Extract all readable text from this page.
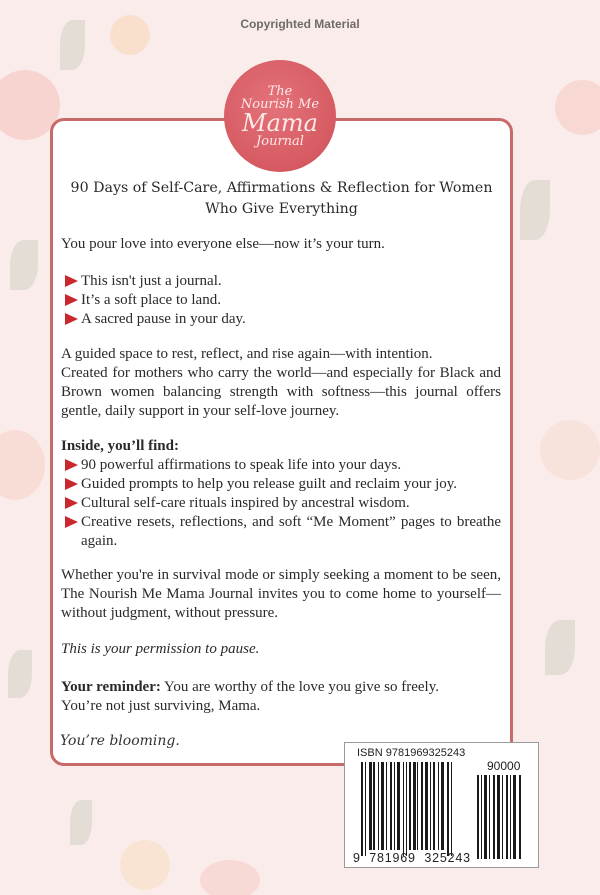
Copyrighted Material
The
Nourish Me
Mama
Journal
90 Days of Self-Care, Affirmations & Reflection for Women
Who Give Everything
You pour love into everyone else—now it’s your turn.
This isn't just a journal.
It’s a soft place to land.
A sacred pause in your day.
A guided space to rest, reflect, and rise again—with intention.
Created for mothers who carry the world—and especially for Black and Brown women balancing strength with softness—this journal offers gentle, daily support in your self-love journey.
Inside, you’ll find:
90 powerful affirmations to speak life into your days.
Guided prompts to help you release guilt and reclaim your joy.
Cultural self-care rituals inspired by ancestral wisdom.
Creative resets, reflections, and soft “Me Moment” pages to breathe again.
Whether you're in survival mode or simply seeking a moment to be seen, The Nourish Me Mama Journal invites you to come home to yourself—without judgment, without pressure.
This is your permission to pause.
Your reminder: You are worthy of the love you give so freely.
You’re not just surviving, Mama.
You’re blooming.
ISBN 9781969325243
90000
9  781969  325243
